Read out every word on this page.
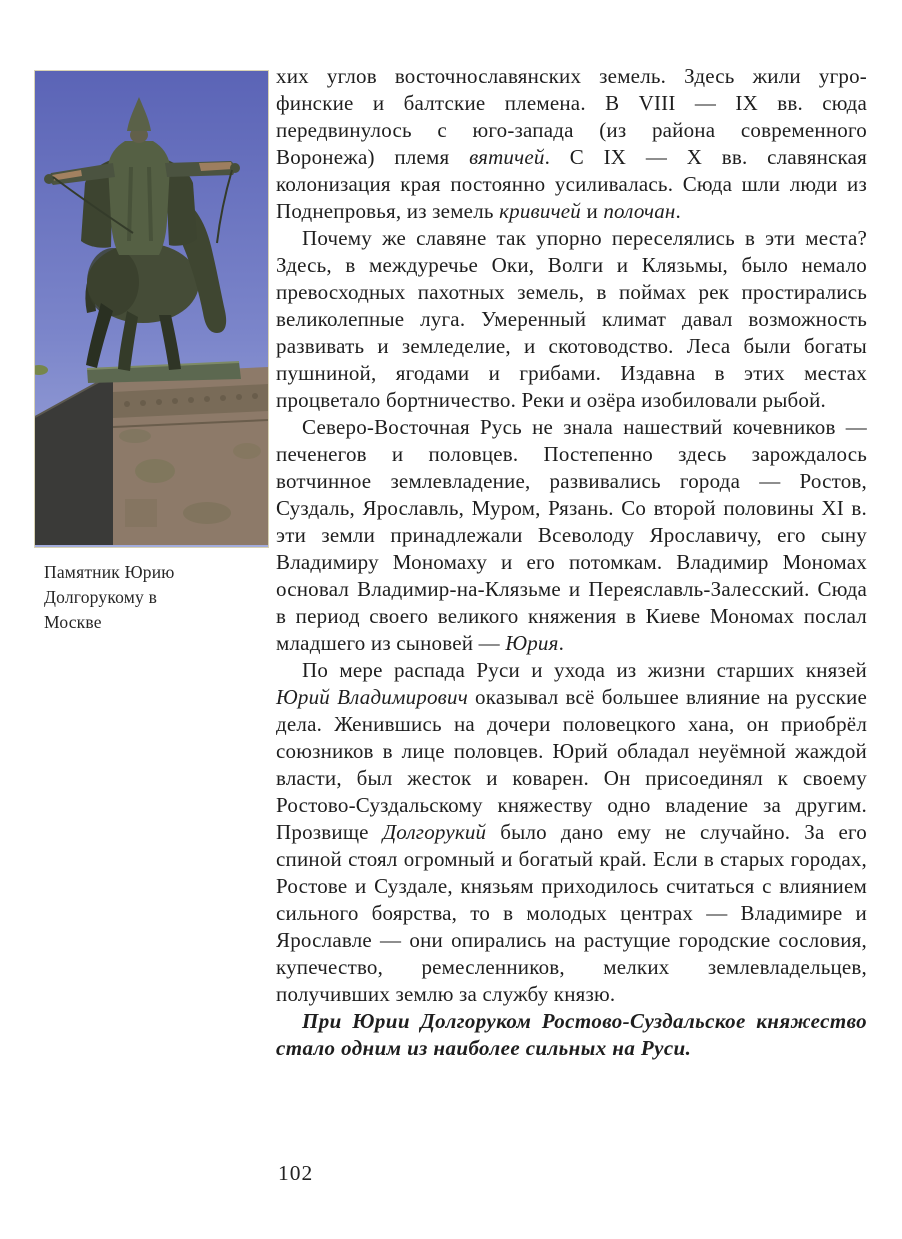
Памятник Юрию
Долгорукому в
Москве

хих углов восточнославянских земель. Здесь жили угро-финские и балтские племена. В VIII — IX вв. сюда передвинулось с юго-запада (из района современного Воронежа) племя вятичей. С IX — X вв. славянская колонизация края постоянно усиливалась. Сюда шли люди из Поднепровья, из земель кривичей и полочан.

Почему же славяне так упорно переселялись в эти места? Здесь, в междуречье Оки, Волги и Клязьмы, было немало превосходных пахотных земель, в поймах рек простирались великолепные луга. Умеренный климат давал возможность развивать и земледелие, и скотоводство. Леса были богаты пушниной, ягодами и грибами. Издавна в этих местах процветало бортничество. Реки и озёра изобиловали рыбой.

Северо-Восточная Русь не знала нашествий кочевников — печенегов и половцев. Постепенно здесь зарождалось вотчинное землевладение, развивались города — Ростов, Суздаль, Ярославль, Муром, Рязань. Со второй половины XI в. эти земли принадлежали Всеволоду Ярославичу, его сыну Владимиру Мономаху и его потомкам. Владимир Мономах основал Владимир-на-Клязьме и Переяславль-Залесский. Сюда в период своего великого княжения в Киеве Мономах послал младшего из сыновей — Юрия.

По мере распада Руси и ухода из жизни старших князей Юрий Владимирович оказывал всё большее влияние на русские дела. Женившись на дочери половецкого хана, он приобрёл союзников в лице половцев. Юрий обладал неуёмной жаждой власти, был жесток и коварен. Он присоединял к своему Ростово-Суздальскому княжеству одно владение за другим. Прозвище Долгорукий было дано ему не случайно. За его спиной стоял огромный и богатый край. Если в старых городах, Ростове и Суздале, князьям приходилось считаться с влиянием сильного боярства, то в молодых центрах — Владимире и Ярославле — они опирались на растущие городские сословия, купечество, ремесленников, мелких землевладельцев, получивших землю за службу князю.

При Юрии Долгоруком Ростово-Суздальское княжество стало одним из наиболее сильных на Руси.

102
